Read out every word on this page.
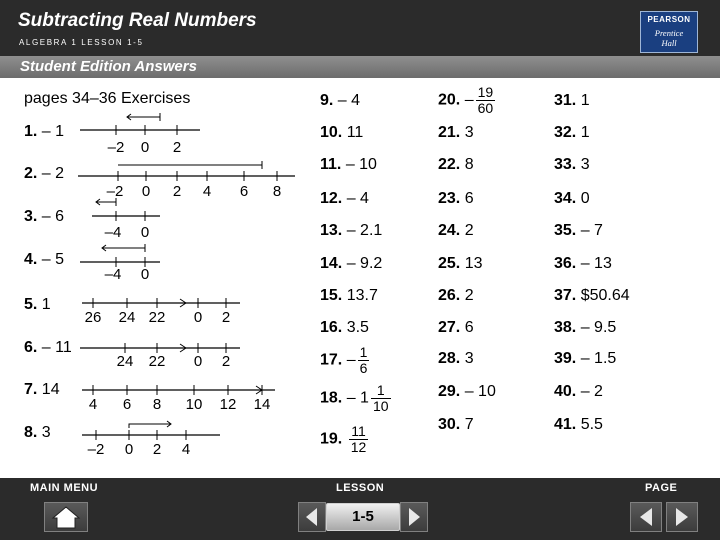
Subtracting Real Numbers
ALGEBRA 1 LESSON 1-5
PEARSON
Prentice
Hall
Student Edition Answers
pages 34–36 Exercises
1. – 1
2. – 2
3. – 6
4. – 5
5. 1
6. – 11
7. 14
8. 3
–2 0 2
–2 0 2 4 6 8
–4 0
–4 0
26 24 22 0 2
24 22 0 2
4 6 8 10 12 14
–2 0 2 4
9. – 4
10. 11
11. – 10
12. – 4
13. – 2.1
14. – 9.2
15. 13.7
16. 3.5
17. – $\frac{1}{6}$
18. – $1 \frac{1}{10}$
19. $\frac{11}{12}$
20. – $\frac{19}{60}$
21. 3
22. 8
23. 6
24. 2
25. 13
26. 2
27. 6
28. 3
29. – 10
30. 7
31. 1
32. 1
33. 3
34. 0
35. – 7
36. – 13
37. $50.64
38. – 9.5
39. – 1.5
40. – 2
41. 5.5
MAIN MENU	LESSON	PAGE
1-5
